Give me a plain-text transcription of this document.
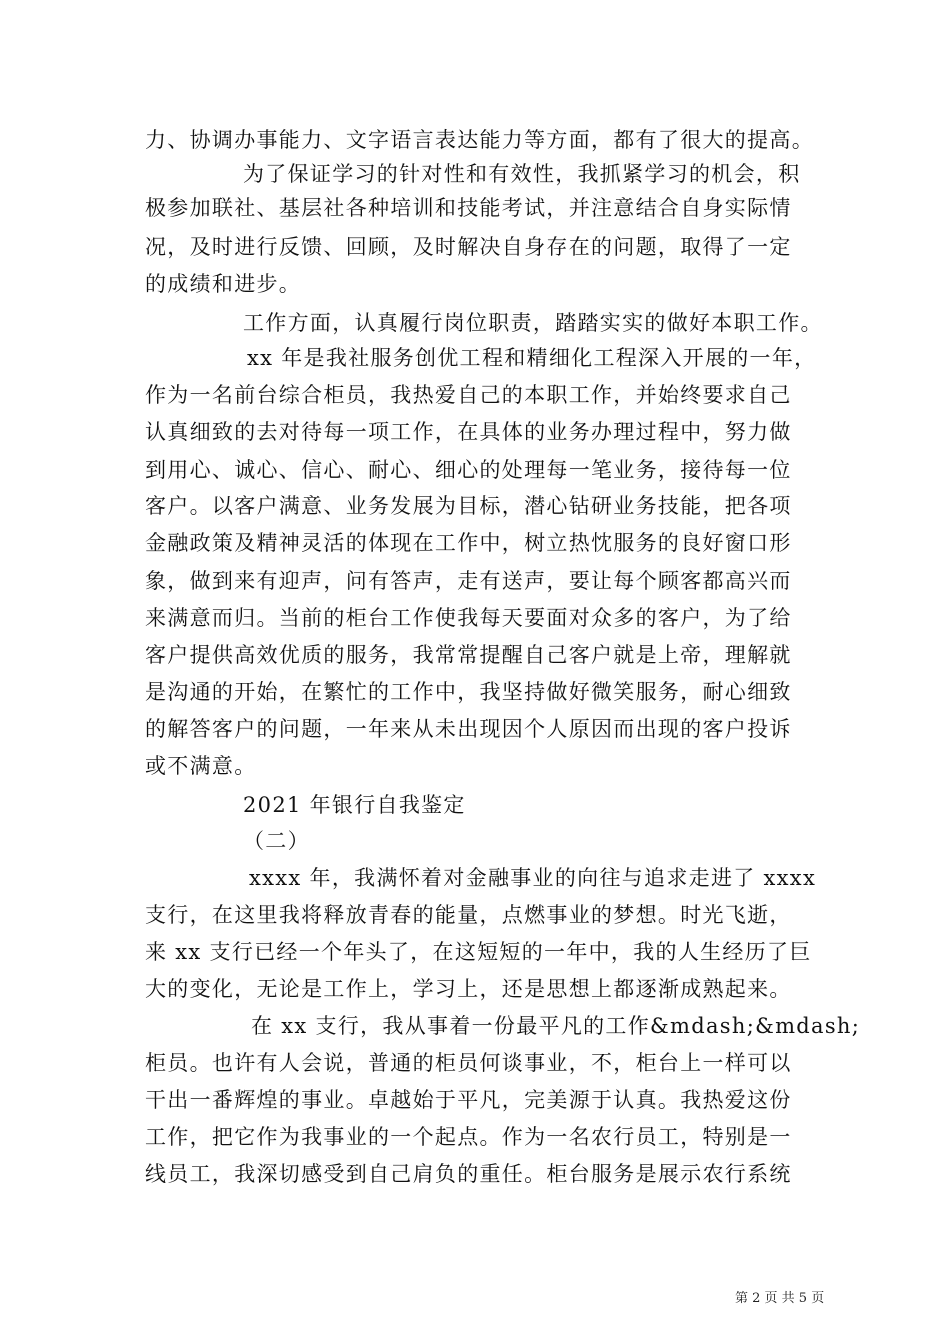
力、协调办事能力、文字语言表达能力等方面，都有了很大的提高。
为了保证学习的针对性和有效性，我抓紧学习的机会，积
极参加联社、基层社各种培训和技能考试，并注意结合自身实际情
况，及时进行反馈、回顾，及时解决自身存在的问题，取得了一定
的成绩和进步。
工作方面，认真履行岗位职责，踏踏实实的做好本职工作。
xx 年是我社服务创优工程和精细化工程深入开展的一年，
作为一名前台综合柜员，我热爱自己的本职工作，并始终要求自己
认真细致的去对待每一项工作，在具体的业务办理过程中，努力做
到用心、诚心、信心、耐心、细心的处理每一笔业务，接待每一位
客户。以客户满意、业务发展为目标，潜心钻研业务技能，把各项
金融政策及精神灵活的体现在工作中，树立热忱服务的良好窗口形
象，做到来有迎声，问有答声，走有送声，要让每个顾客都高兴而
来满意而归。当前的柜台工作使我每天要面对众多的客户，为了给
客户提供高效优质的服务，我常常提醒自己客户就是上帝，理解就
是沟通的开始，在繁忙的工作中，我坚持做好微笑服务，耐心细致
的解答客户的问题，一年来从未出现因个人原因而出现的客户投诉
或不满意。
2021 年银行自我鉴定
（二）
xxxx 年，我满怀着对金融事业的向往与追求走进了 xxxx
支行，在这里我将释放青春的能量，点燃事业的梦想。时光飞逝，
来 xx 支行已经一个年头了，在这短短的一年中，我的人生经历了巨
大的变化，无论是工作上，学习上，还是思想上都逐渐成熟起来。
在 xx 支行，我从事着一份最平凡的工作&mdash;&mdash;
柜员。也许有人会说，普通的柜员何谈事业，不，柜台上一样可以
干出一番辉煌的事业。卓越始于平凡，完美源于认真。我热爱这份
工作，把它作为我事业的一个起点。作为一名农行员工，特别是一
线员工，我深切感受到自己肩负的重任。柜台服务是展示农行系统
第 2 页 共 5 页
